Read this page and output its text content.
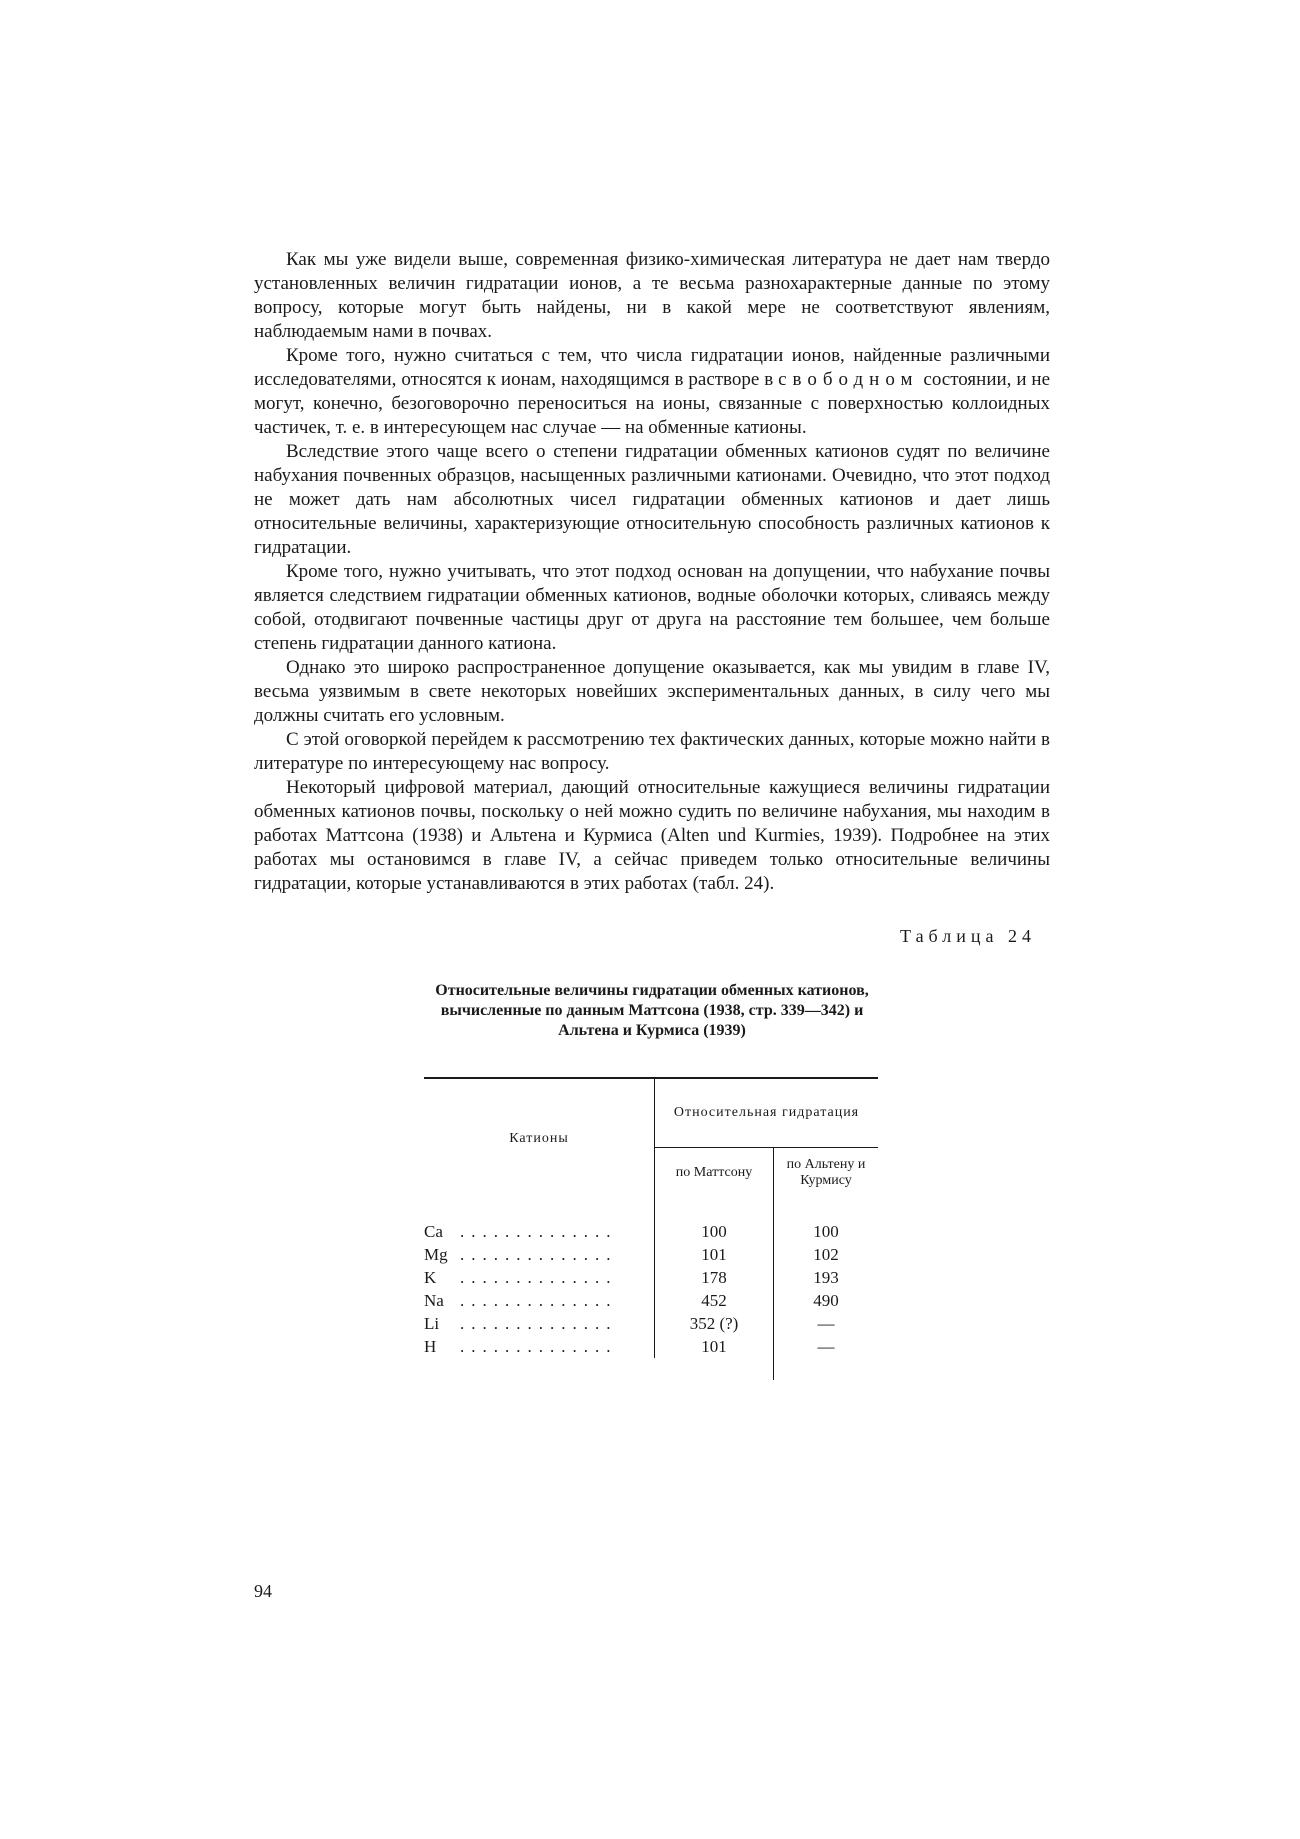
Как мы уже видели выше, современная физико-химическая литература не дает нам твердо установленных величин гидратации ионов, а те весьма разнохарактерные данные по этому вопросу, которые могут быть найдены, ни в какой мере не соответствуют явлениям, наблюдаемым нами в почвах.

Кроме того, нужно считаться с тем, что числа гидратации ионов, найденные различными исследователями, относятся к ионам, находящимся в растворе в свободном состоянии, и не могут, конечно, безоговорочно переноситься на ионы, связанные с поверхностью коллоидных частичек, т. е. в интересующем нас случае — на обменные катионы.

Вследствие этого чаще всего о степени гидратации обменных катионов судят по величине набухания почвенных образцов, насыщенных различными катионами. Очевидно, что этот подход не может дать нам абсолютных чисел гидратации обменных катионов и дает лишь относительные величины, характеризующие относительную способность различных катионов к гидратации.

Кроме того, нужно учитывать, что этот подход основан на допущении, что набухание почвы является следствием гидратации обменных катионов, водные оболочки которых, сливаясь между собой, отодвигают почвенные частицы друг от друга на расстояние тем большее, чем больше степень гидратации данного катиона.

Однако это широко распространенное допущение оказывается, как мы увидим в главе IV, весьма уязвимым в свете некоторых новейших экспериментальных данных, в силу чего мы должны считать его условным.

С этой оговоркой перейдем к рассмотрению тех фактических данных, которые можно найти в литературе по интересующему нас вопросу.

Некоторый цифровой материал, дающий относительные кажущиеся величины гидратации обменных катионов почвы, поскольку о ней можно судить по величине набухания, мы находим в работах Маттсона (1938) и Альтена и Курмиса (Alten und Kurmies, 1939). Подробнее на этих работах мы остановимся в главе IV, а сейчас приведем только относительные величины гидратации, которые устанавливаются в этих работах (табл. 24).

Таблица 24
Относительные величины гидратации обменных катионов, вычисленные по данным Маттсона (1938, стр. 339—342) и Альтена и Курмиса (1939)
Катионы	Относительная гидратация	
	по Маттсону	по Альтену и Курмису

Ca ..............	100	100
Mg ..............	101	102
K ..............	178	193
Na ..............	452	490
Li ..............	352 (?)	—
H ..............	101	—

94
